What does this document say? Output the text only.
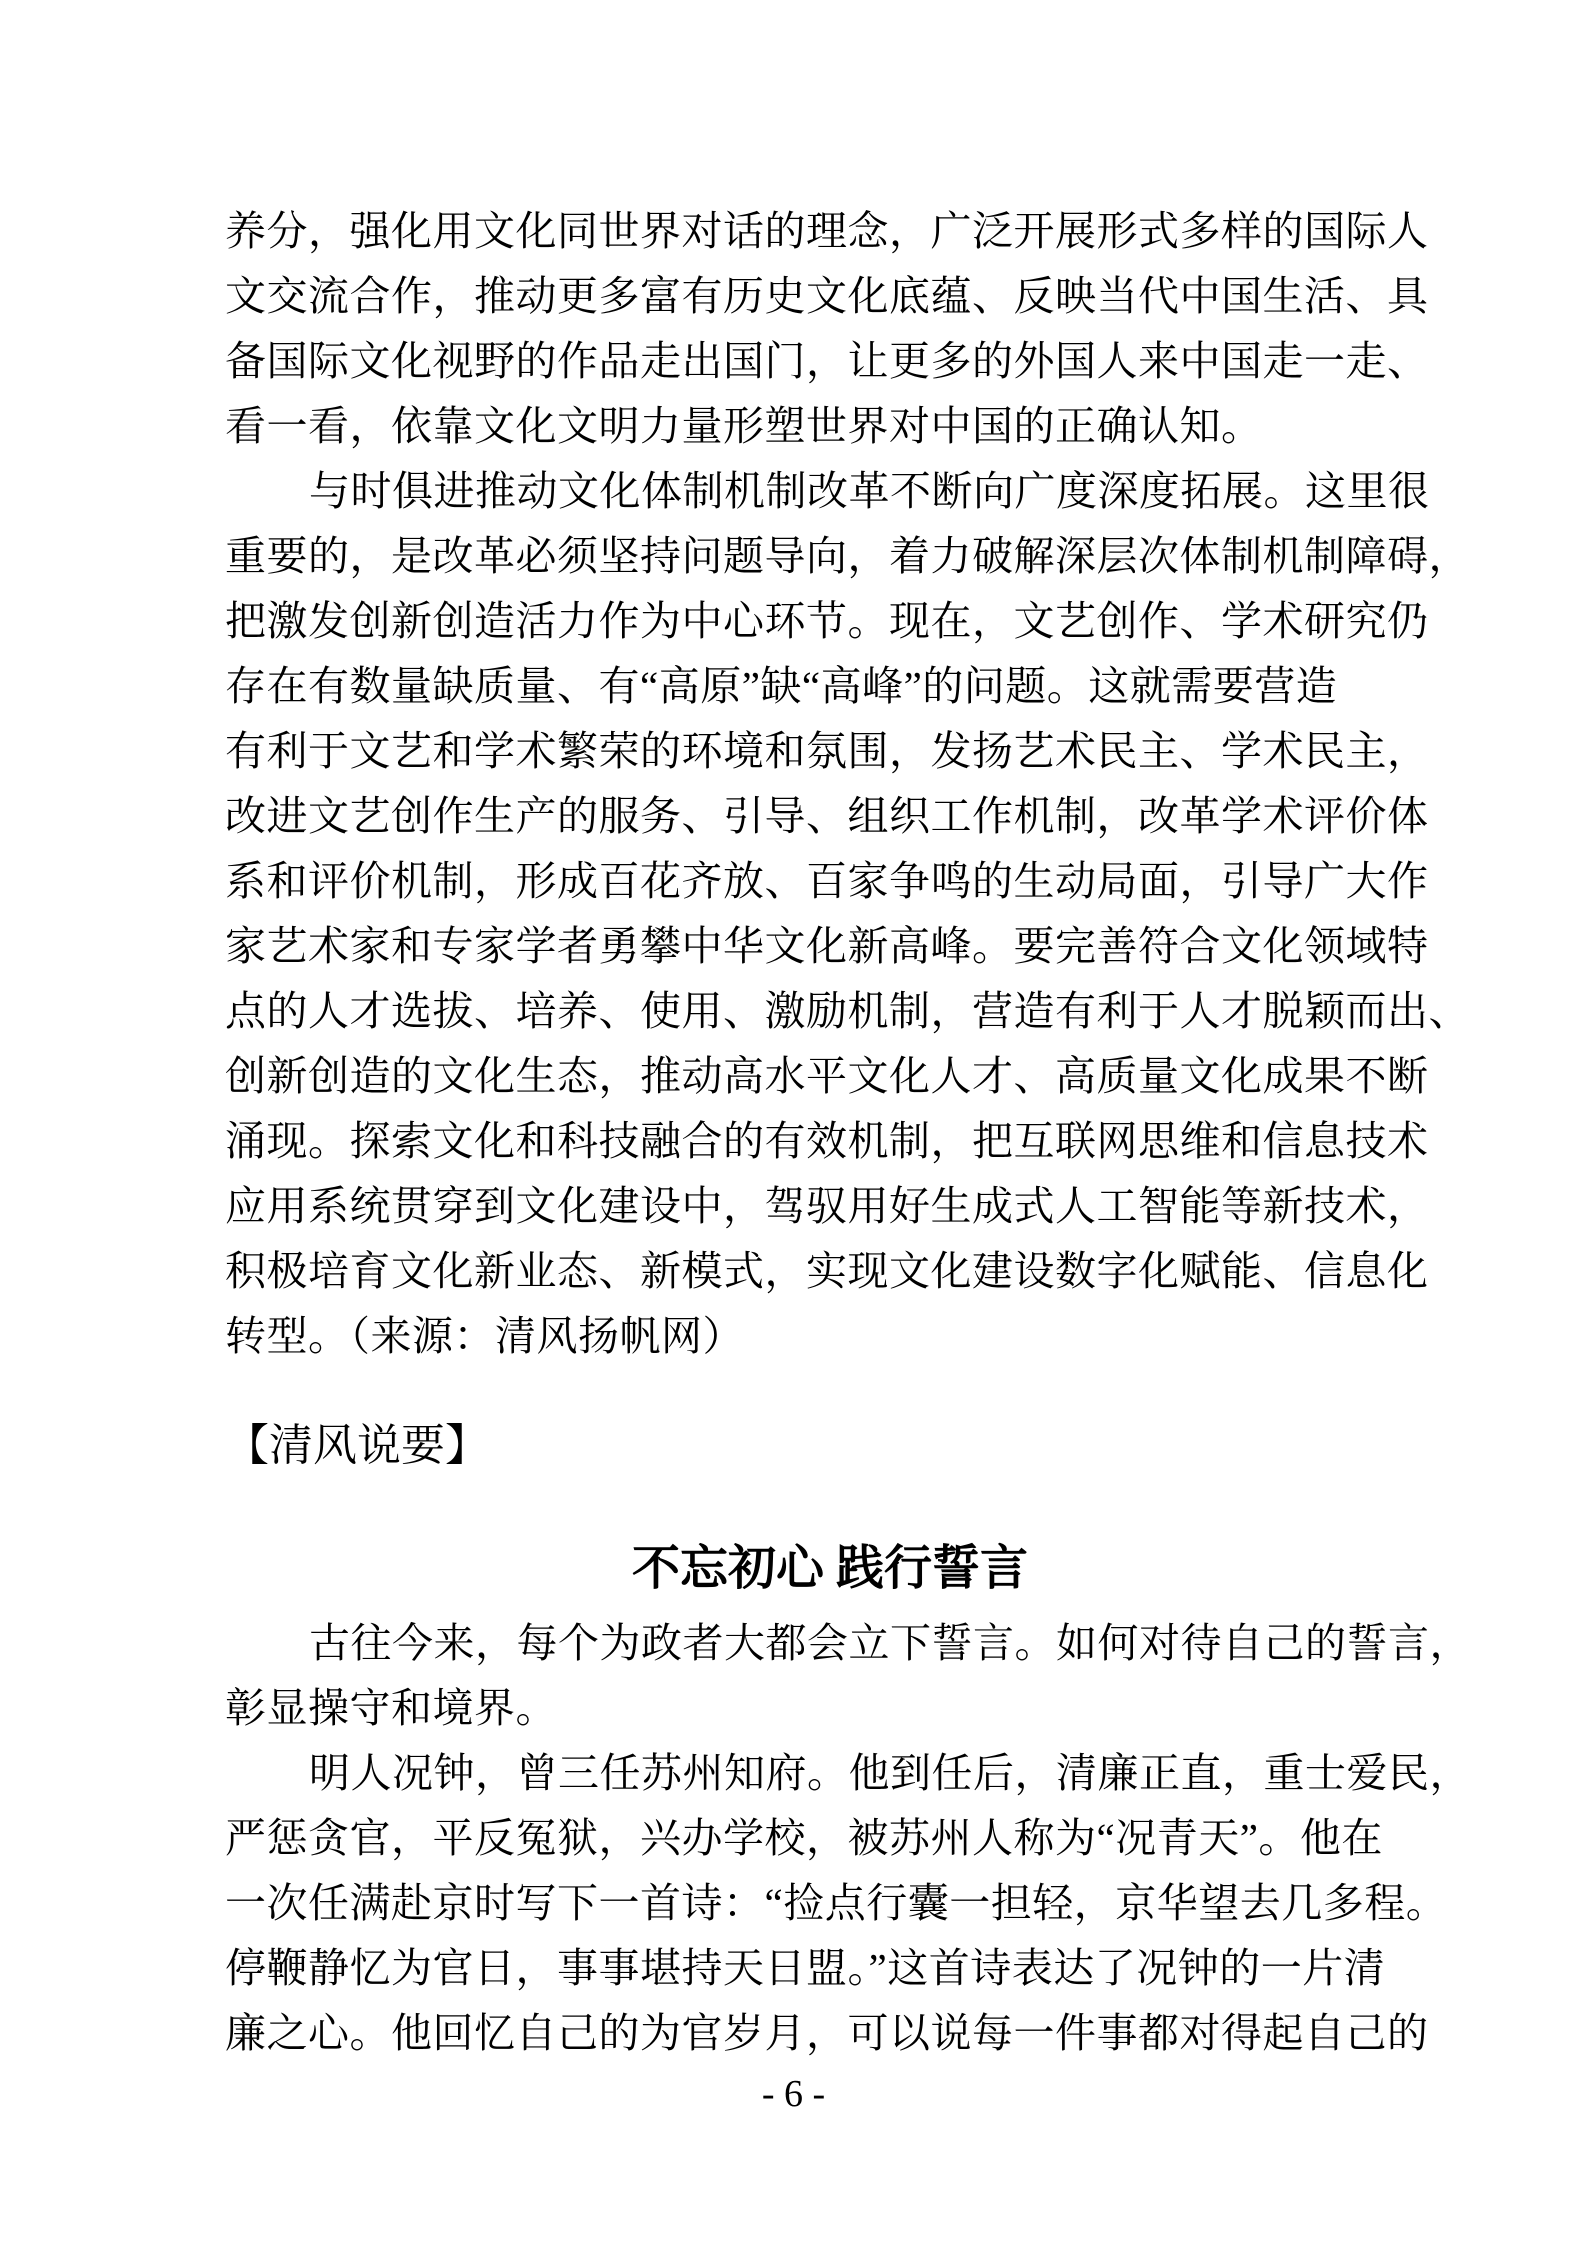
养分，强化用文化同世界对话的理念，广泛开展形式多样的国际人
文交流合作，推动更多富有历史文化底蕴、反映当代中国生活、具
备国际文化视野的作品走出国门，让更多的外国人来中国走一走、
看一看，依靠文化文明力量形塑世界对中国的正确认知。
与时俱进推动文化体制机制改革不断向广度深度拓展。这里很
重要的，是改革必须坚持问题导向，着力破解深层次体制机制障碍，
把激发创新创造活力作为中心环节。现在，文艺创作、学术研究仍
存在有数量缺质量、有“高原”缺“高峰”的问题。这就需要营造
有利于文艺和学术繁荣的环境和氛围，发扬艺术民主、学术民主，
改进文艺创作生产的服务、引导、组织工作机制，改革学术评价体
系和评价机制，形成百花齐放、百家争鸣的生动局面，引导广大作
家艺术家和专家学者勇攀中华文化新高峰。要完善符合文化领域特
点的人才选拔、培养、使用、激励机制，营造有利于人才脱颖而出、
创新创造的文化生态，推动高水平文化人才、高质量文化成果不断
涌现。探索文化和科技融合的有效机制，把互联网思维和信息技术
应用系统贯穿到文化建设中，驾驭用好生成式人工智能等新技术，
积极培育文化新业态、新模式，实现文化建设数字化赋能、信息化
转型。（来源：清风扬帆网）
【清风说要】
不忘初心 践行誓言
古往今来，每个为政者大都会立下誓言。如何对待自己的誓言，
彰显操守和境界。
明人况钟，曾三任苏州知府。他到任后，清廉正直，重士爱民，
严惩贪官，平反冤狱，兴办学校，被苏州人称为“况青天”。他在
一次任满赴京时写下一首诗：“捡点行囊一担轻，京华望去几多程。
停鞭静忆为官日，事事堪持天日盟。”这首诗表达了况钟的一片清
廉之心。他回忆自己的为官岁月，可以说每一件事都对得起自己的
- 6 -
